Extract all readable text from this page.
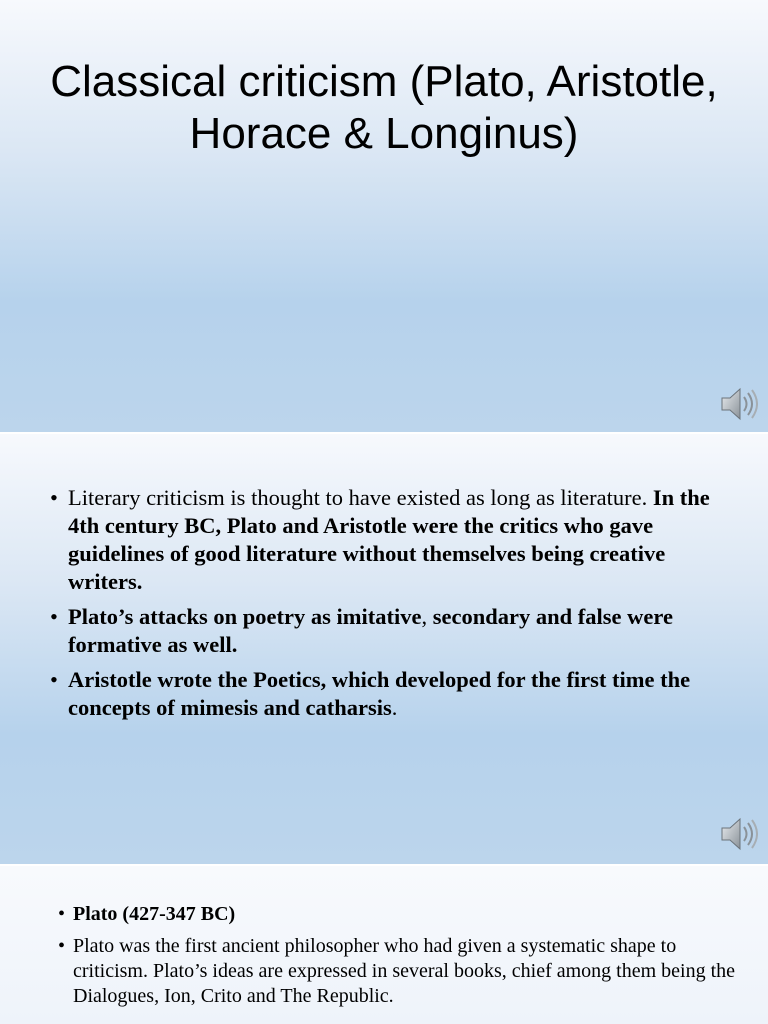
Classical criticism (Plato, Aristotle, Horace & Longinus)
• Literary criticism is thought to have existed as long as literature. In the 4th century BC, Plato and Aristotle were the critics who gave guidelines of good literature without themselves being creative writers.
• Plato’s attacks on poetry as imitative, secondary and false were formative as well.
• Aristotle wrote the Poetics, which developed for the first time the concepts of mimesis and catharsis.
• Plato (427-347 BC)
• Plato was the first ancient philosopher who had given a systematic shape to criticism. Plato’s ideas are expressed in several books, chief among them being the Dialogues, Ion, Crito and The Republic.
